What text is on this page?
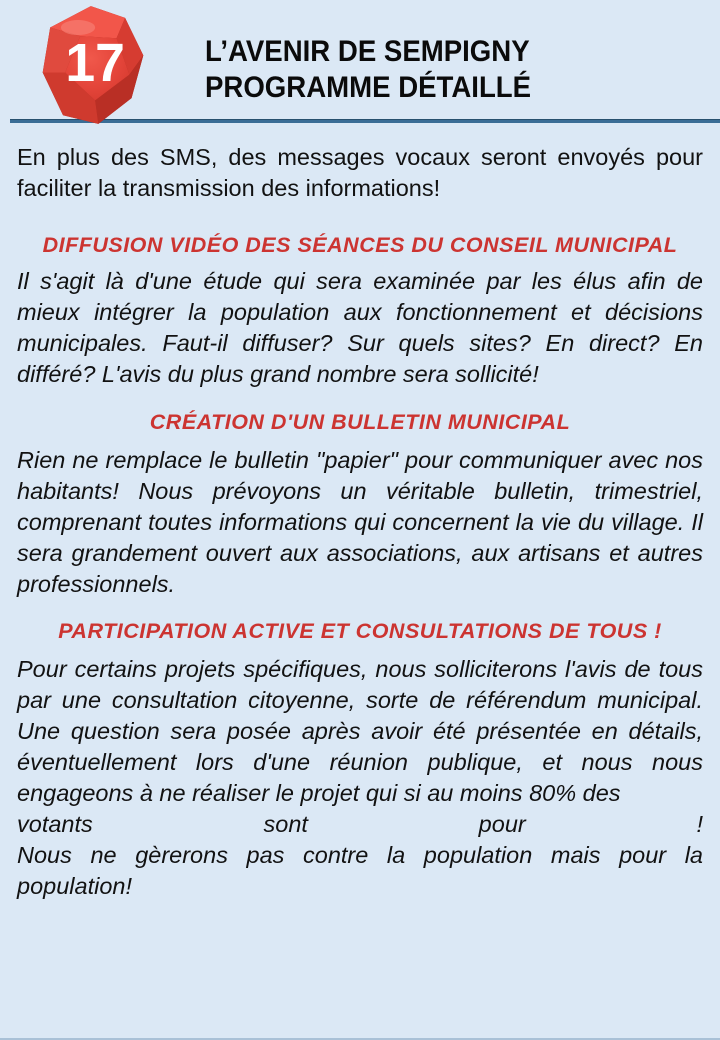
17	L’AVENIR DE SEMPIGNY
PROGRAMME DÉTAILLÉ

En plus des SMS, des messages vocaux seront envoyés pour faciliter la transmission des informations!

DIFFUSION VIDÉO DES SÉANCES DU CONSEIL MUNICIPAL

Il s'agit là d'une étude qui sera examinée par les élus afin de mieux intégrer la population aux fonctionnement et décisions municipales. Faut-il diffuser? Sur quels sites? En direct? En différé? L'avis du plus grand nombre sera sollicité!

CRÉATION D'UN BULLETIN MUNICIPAL

Rien ne remplace le bulletin "papier" pour communiquer avec nos habitants! Nous prévoyons un véritable bulletin, trimestriel, comprenant toutes informations qui concernent la vie du village. Il sera grandement ouvert aux associations, aux artisans et autres professionnels.

PARTICIPATION ACTIVE ET CONSULTATIONS DE TOUS !

Pour certains projets spécifiques, nous solliciterons l'avis de tous par une consultation citoyenne, sorte de référendum municipal. Une question sera posée après avoir été présentée en détails, éventuellement lors d'une réunion publique, et nous nous engageons à ne réaliser le projet qui si au moins 80% des

votants sont pour !

Nous ne gèrerons pas contre la population mais pour la population!
